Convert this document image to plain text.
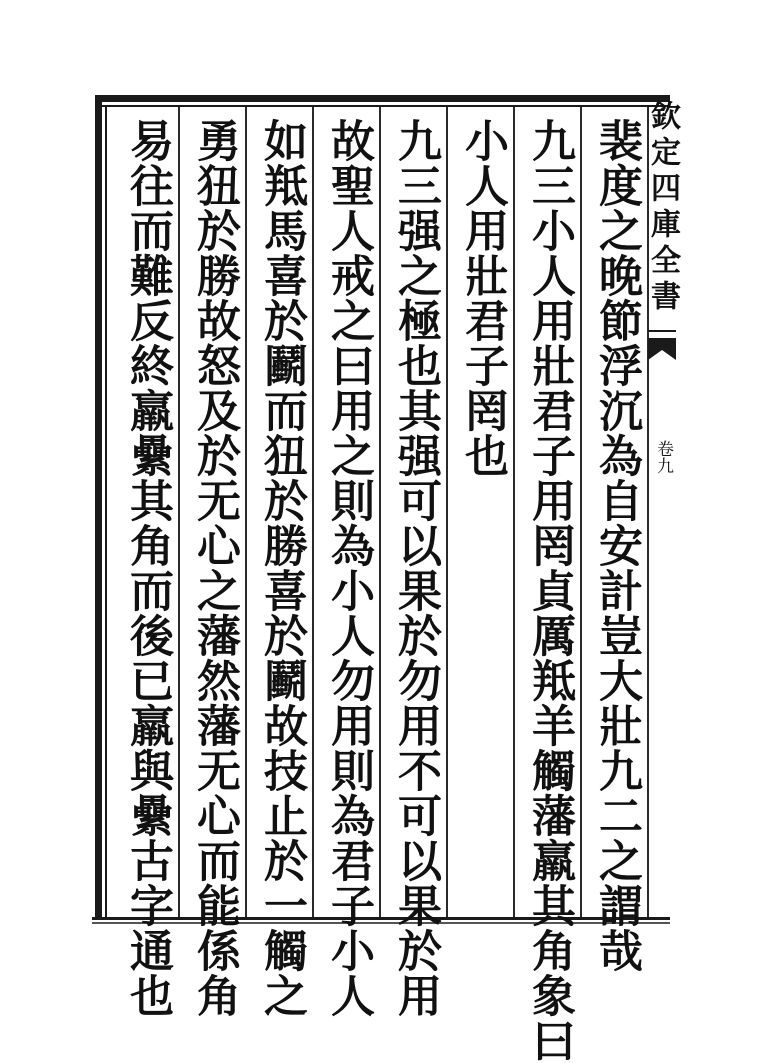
裴度之晚節浮沉為自安計豈大壯九二之謂哉
九三小人用壯君子用罔貞厲羝羊觸藩羸其角象曰
小人用壯君子罔也
九三强之極也其强可以果於勿用不可以果於用
故聖人戒之曰用之則為小人勿用則為君子小人
如羝馬喜於鬬而狃於勝喜於鬬故技止於一觸之
勇狃於勝故怒及於无心之藩然藩无心而能係角
易往而難反終羸纍其角而後已羸與纍古字通也	欽定四庫全書
卷九
